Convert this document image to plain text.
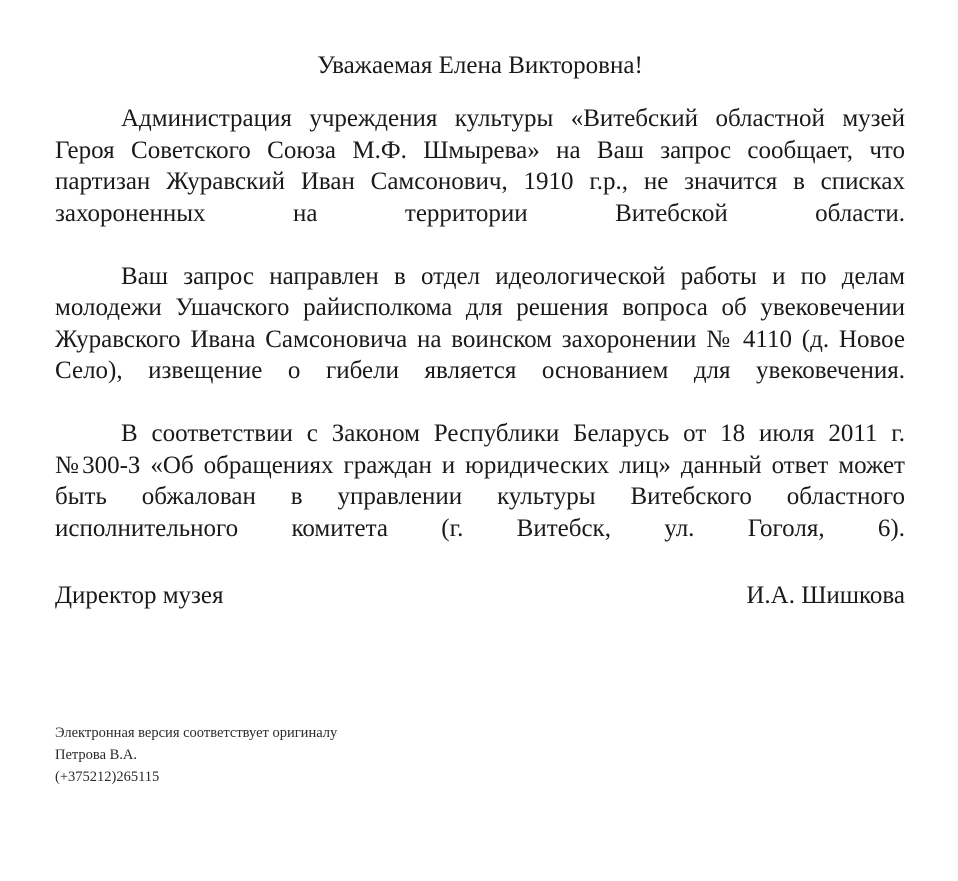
Уважаемая Елена Викторовна!

Администрация учреждения культуры «Витебский областной музей Героя Советского Союза М.Ф. Шмырева» на Ваш запрос сообщает, что партизан Журавский Иван Самсонович, 1910 г.р., не значится в списках захороненных на территории Витебской области.

Ваш запрос направлен в отдел идеологической работы и по делам молодежи Ушачского райисполкома для решения вопроса об увековечении Журавского Ивана Самсоновича на воинском захоронении № 4110 (д. Новое Село), извещение о гибели является основанием для увековечения.

В соответствии с Законом Республики Беларусь от 18 июля 2011 г. №300-З «Об обращениях граждан и юридических лиц» данный ответ может быть обжалован в управлении культуры Витебского областного исполнительного комитета (г. Витебск, ул. Гоголя, 6).

Директор музея	И.А. Шишкова
Электронная версия соответствует оригиналу
Петрова В.А.
(+375212)265115
